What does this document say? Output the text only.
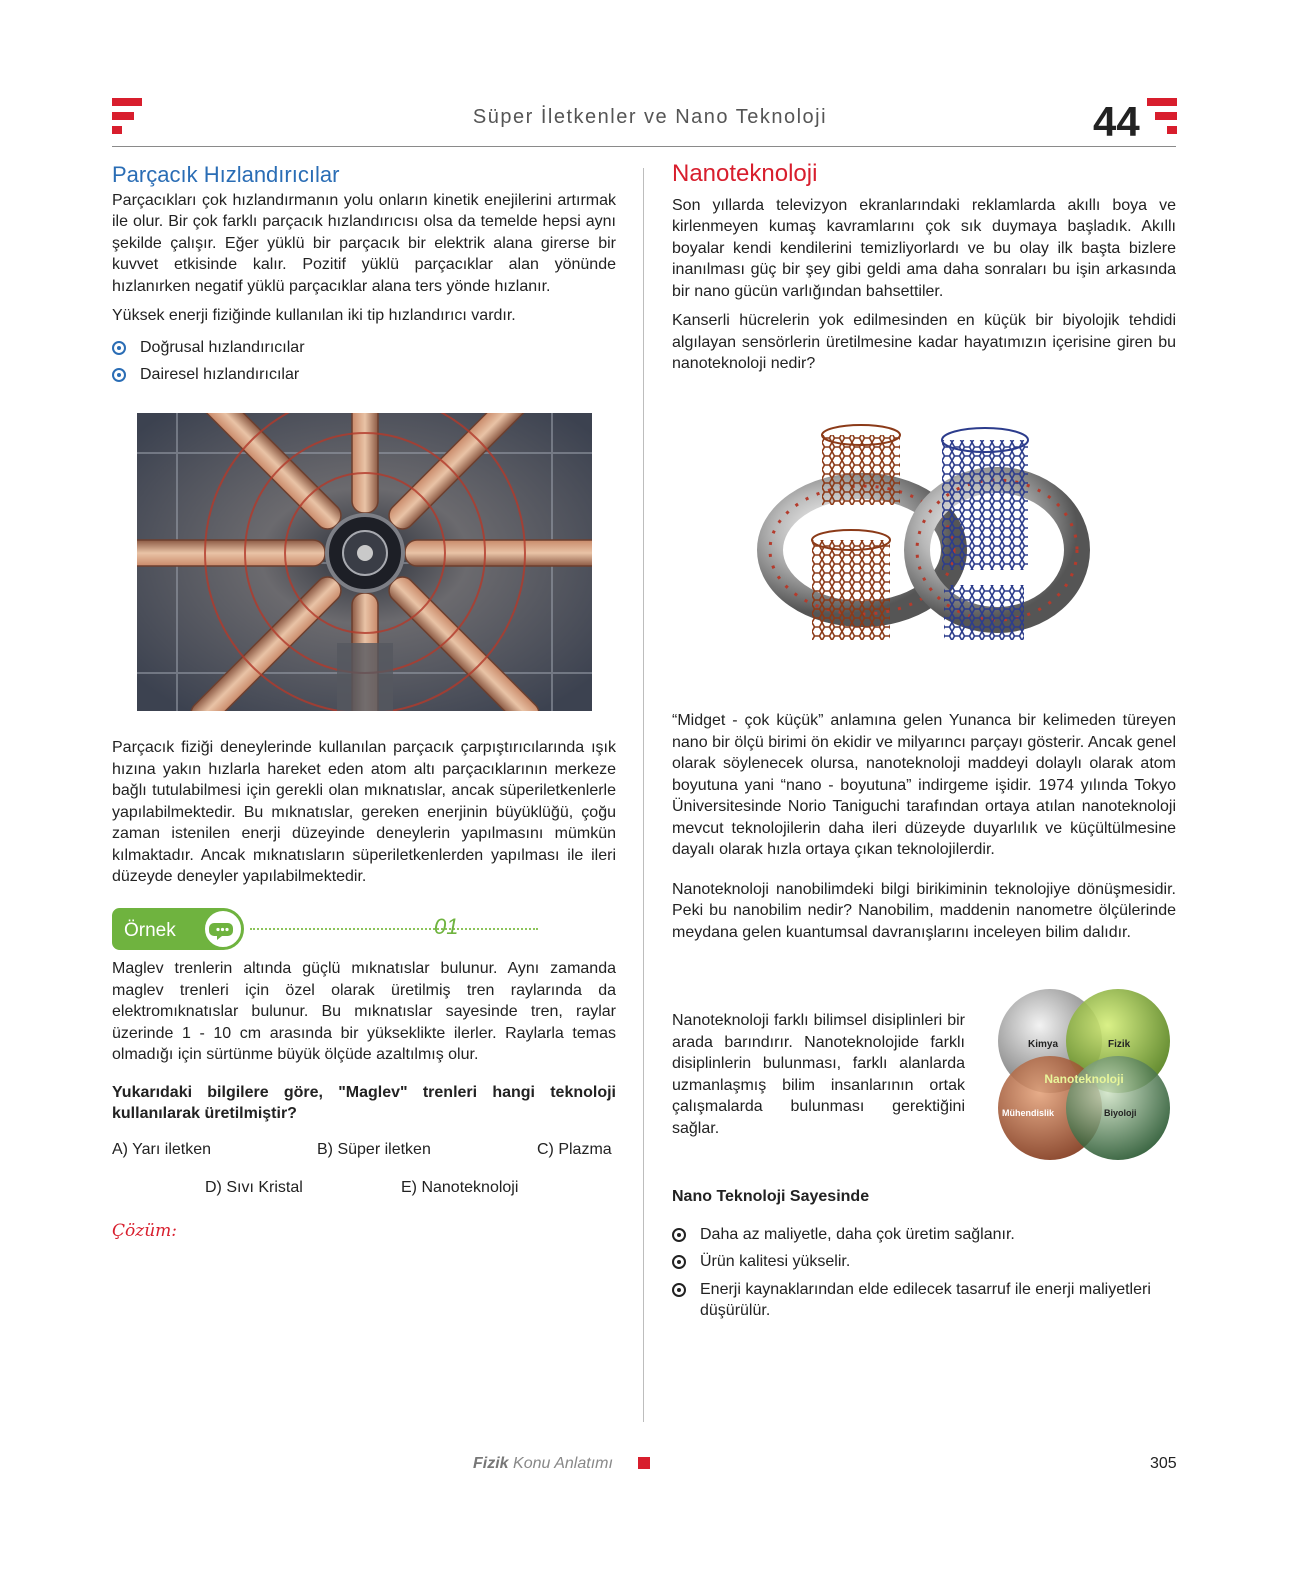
Süper İletkenler ve Nano Teknoloji	44
Parçacık Hızlandırıcılar

Parçacıkları çok hızlandırmanın yolu onların kinetik enejilerini artırmak ile olur. Bir çok farklı parçacık hızlandırıcısı olsa da temelde hepsi aynı şekilde çalışır. Eğer yüklü bir parçacık bir elektrik alana girerse bir kuvvet etkisinde kalır. Pozitif yüklü parçacıklar alan yönünde hızlanırken negatif yüklü parçacıklar alana ters yönde hızlanır.

Yüksek enerji fiziğinde kullanılan iki tip hızlandırıcı vardır.

Doğrusal hızlandırıcılar
Dairesel hızlandırıcılar

Parçacık fiziği deneylerinde kullanılan parçacık çarpıştırıcılarında ışık hızına yakın hızlarla hareket eden atom altı parçacıklarının merkeze bağlı tutulabilmesi için gerekli olan mıknatıslar, ancak süperiletkenlerle yapılabilmektedir. Bu mıknatıslar, gereken enerjinin büyüklüğü, çoğu zaman istenilen enerji düzeyinde deneylerin yapılmasını mümkün kılmaktadır. Ancak mıknatısların süperiletkenlerden yapılması ile ileri düzeyde deneyler yapılabilmektedir.

Örnek	01

Maglev trenlerin altında güçlü mıknatıslar bulunur. Aynı zamanda maglev trenleri için özel olarak üretilmiş tren raylarında da elektromıknatıslar bulunur. Bu mıknatıslar sayesinde tren, raylar üzerinde 1 - 10 cm arasında bir yükseklikte ilerler. Raylarla temas olmadığı için sürtünme büyük ölçüde azaltılmış olur.

Yukarıdaki bilgilere göre, "Maglev" trenleri hangi teknoloji kullanılarak üretilmiştir?

A) Yarı iletken	B) Süper iletken	C) Plazma
D) Sıvı Kristal	E) Nanoteknoloji
Çözüm:
Nanoteknoloji

Son yıllarda televizyon ekranlarındaki reklamlarda akıllı boya ve kirlenmeyen kumaş kavramlarını çok sık duymaya başladık. Akıllı boyalar kendi kendilerini temizliyorlardı ve bu olay ilk başta bizlere inanılması güç bir şey gibi geldi ama daha sonraları bu işin arkasında bir nano gücün varlığından bahsettiler.

Kanserli hücrelerin yok edilmesinden en küçük bir biyolojik tehdidi algılayan sensörlerin üretilmesine kadar hayatımızın içerisine giren bu nanoteknoloji nedir?

“Midget - çok küçük” anlamına gelen Yunanca bir kelimeden türeyen nano bir ölçü birimi ön ekidir ve milyarıncı parçayı gösterir. Ancak genel olarak söylenecek olursa, nanoteknoloji maddeyi dolaylı olarak atom boyutuna yani “nano - boyutuna” indirgeme işidir. 1974 yılında Tokyo Üniversitesinde Norio Taniguchi tarafından ortaya atılan nanoteknoloji mevcut teknolojilerin daha ileri düzeyde duyarlılık ve küçültülmesine dayalı olarak hızla ortaya çıkan teknolojilerdir.

Nanoteknoloji nanobilimdeki bilgi birikiminin teknolojiye dönüşmesidir. Peki bu nanobilim nedir? Nanobilim, maddenin nanometre ölçülerinde meydana gelen kuantumsal davranışlarını inceleyen bilim dalıdır.

Nanoteknoloji farklı bilimsel disiplinleri bir arada barındırır. Nanoteknolojide farklı disiplinlerin bulunması, farklı alanlarda uzmanlaşmış bilim insanlarının ortak çalışmalarda bulunması gerektiğini sağlar.

Kimya	Fizik
Nanoteknoloji
Mühendislik	Biyoloji

Nano Teknoloji Sayesinde

Daha az maliyetle, daha çok üretim sağlanır.
Ürün kalitesi yükselir.
Enerji kaynaklarından elde edilecek tasarruf ile enerji maliyetleri düşürülür.
Fizik Konu Anlatımı	305
